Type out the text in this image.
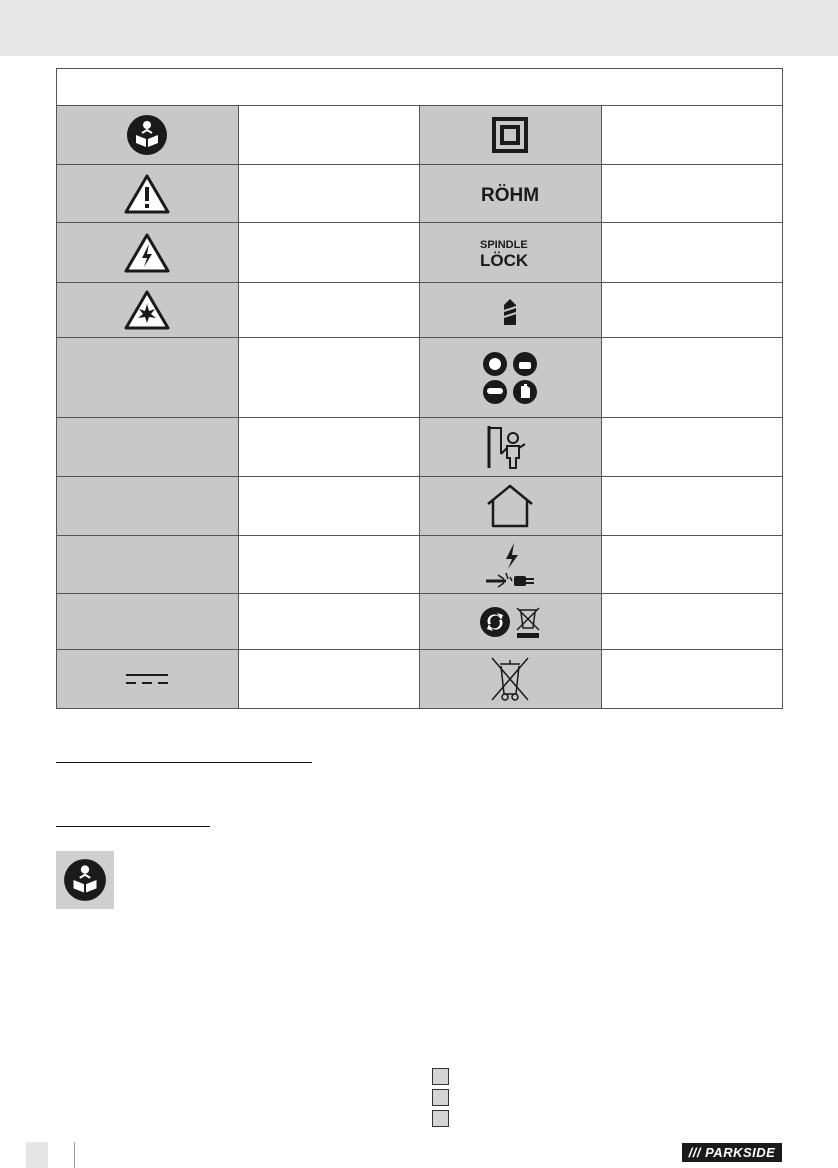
RÖHM	

SPINDLE
LÖCK	

/// PARKSIDE
